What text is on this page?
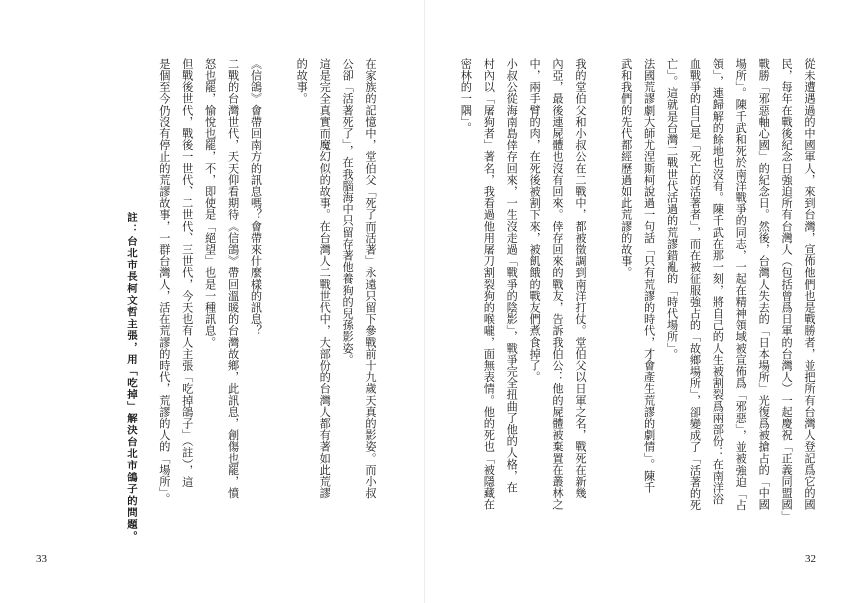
在家族的記憶中，堂伯父「死了而活著」永遠只留下參戰前十九歲天真的影姿。而小叔
公卻「活著死了」，在我腦海中只留存著他養狗的兒孫影姿。
這是完全真實而魔幻似的故事。在台灣人二戰世代中，大部份的台灣人都有著如此荒謬
的故事。

《信鴿》會帶回南方的訊息嗎？會帶來什麼樣的訊息？
二戰的台灣世代，天天仰看期待《信鴿》帶回溫暖的台灣故鄉，此訊息，創傷也罷，憤
怒也罷，愉悅也罷，不，即使是「絕望」也是一種訊息。
但戰後世代，戰後一世代、二世代、三世代，今天也有人主張「吃掉鴿子」（註），這
是個至今仍沒有停止的荒謬故事，一群台灣人，活在荒謬的時代，荒謬的人的「場所」。
註：台北市長柯文哲主張，用「吃掉」解決台北市鴿子的問題。
33
從未遭遇過的中國軍人，來到台灣，宣佈他們也是戰勝者，並把所有台灣人登記爲它的國
民，每年在戰後紀念日強迫所有台灣人（包括曾爲日軍的台灣人）一起慶祝「正義同盟國」
戰勝「邪惡軸心國」的紀念日。然後，台灣人失去的「日本場所」光復爲被搶占的「中國
場所」。陳千武和死於南洋戰爭的同志，一起在精神領域被宣佈爲「邪惡」，並被強迫「占
領」，連歸解的餘地也沒有。陳千武在那一刻，將自己的人生被割裂爲兩部份：在南洋浴
血戰爭的自己是「死亡的活著者」，而在被征服強占的「故鄉場所」，卻變成了「活著的死
亡」。這就是台灣二戰世代活過的荒謬錯亂的「時代場所」。
法國荒謬劇大師尤涅斯柯說過一句話「只有荒謬的時代，才會產生荒謬的劇情」。陳千
武和我們的先代都經歷過如此荒謬的故事。

我的堂伯父和小叔公在二戰中，都被徵調到南洋打仗。堂伯父以日軍之名，戰死在新幾
內亞，最後連屍體也沒有回來。倖存回來的戰友，告訴我伯公：他的屍體被棄置在叢林之
中，兩手臂的肉，在死後被割下來，被飢餓的戰友們煮食掉了。
小叔公從海南島倖存回來，一生沒走過「戰爭的陰影」，戰爭完全扭曲了他的人格，在
村內以「屠狗者」著名，我看過他用屠刀割裂狗的喉嚨，面無表情。他的死也「被隱藏在
密林的一隅」。
32
